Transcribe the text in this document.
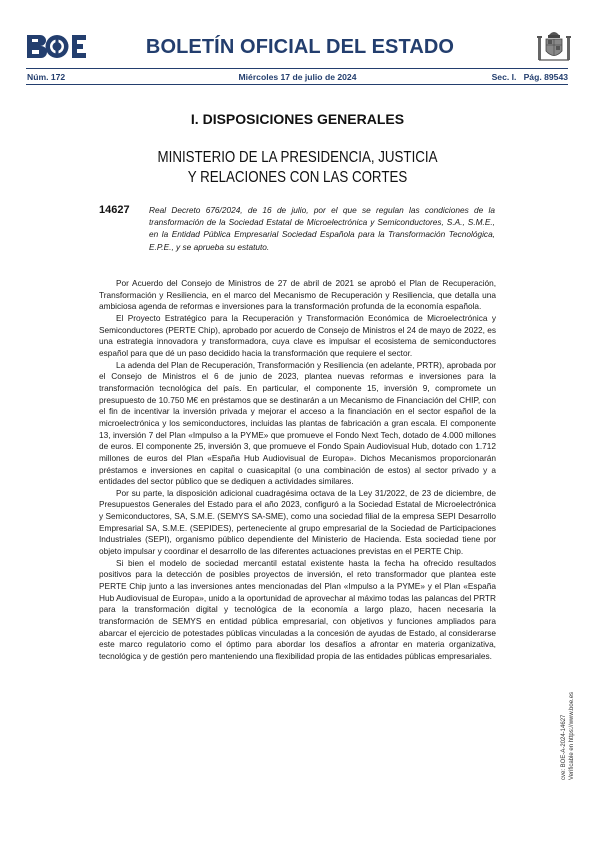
BOLETÍN OFICIAL DEL ESTADO
Núm. 172	Miércoles 17 de julio de 2024	Sec. I.   Pág. 89543
I. DISPOSICIONES GENERALES
MINISTERIO DE LA PRESIDENCIA, JUSTICIA
Y RELACIONES CON LAS CORTES
14627 Real Decreto 676/2024, de 16 de julio, por el que se regulan las condiciones de la transformación de la Sociedad Estatal de Microelectrónica y Semiconductores, S.A., S.M.E., en la Entidad Pública Empresarial Sociedad Española para la Transformación Tecnológica, E.P.E., y se aprueba su estatuto.

Por Acuerdo del Consejo de Ministros de 27 de abril de 2021 se aprobó el Plan de Recuperación, Transformación y Resiliencia, en el marco del Mecanismo de Recuperación y Resiliencia, que detalla una ambiciosa agenda de reformas e inversiones para la transformación profunda de la economía española.

El Proyecto Estratégico para la Recuperación y Transformación Económica de Microelectrónica y Semiconductores (PERTE Chip), aprobado por acuerdo de Consejo de Ministros el 24 de mayo de 2022, es una estrategia innovadora y transformadora, cuya clave es impulsar el ecosistema de semiconductores español para que dé un paso decidido hacia la transformación que requiere el sector.

La adenda del Plan de Recuperación, Transformación y Resiliencia (en adelante, PRTR), aprobada por el Consejo de Ministros el 6 de junio de 2023, plantea nuevas reformas e inversiones para la transformación tecnológica del país. En particular, el componente 15, inversión 9, compromete un presupuesto de 10.750 M€ en préstamos que se destinarán a un Mecanismo de Financiación del CHIP, con el fin de incentivar la inversión privada y mejorar el acceso a la financiación en el sector español de la microelectrónica y los semiconductores, incluidas las plantas de fabricación a gran escala. El componente 13, inversión 7 del Plan «Impulso a la PYME» que promueve el Fondo Next Tech, dotado de 4.000 millones de euros. El componente 25, inversión 3, que promueve el Fondo Spain Audiovisual Hub, dotado con 1.712 millones de euros del Plan «España Hub Audiovisual de Europa». Dichos Mecanismos proporcionarán préstamos e inversiones en capital o cuasicapital (o una combinación de estos) al sector privado y a entidades del sector público que se dediquen a actividades similares.

Por su parte, la disposición adicional cuadragésima octava de la Ley 31/2022, de 23 de diciembre, de Presupuestos Generales del Estado para el año 2023, configuró a la Sociedad Estatal de Microelectrónica y Semiconductores, SA, S.M.E. (SEMYS SA-SME), como una sociedad filial de la empresa SEPI Desarrollo Empresarial SA, S.M.E. (SEPIDES), perteneciente al grupo empresarial de la Sociedad de Participaciones Industriales (SEPI), organismo público dependiente del Ministerio de Hacienda. Esta sociedad tiene por objeto impulsar y coordinar el desarrollo de las diferentes actuaciones previstas en el PERTE Chip.

Si bien el modelo de sociedad mercantil estatal existente hasta la fecha ha ofrecido resultados positivos para la detección de posibles proyectos de inversión, el reto transformador que plantea este PERTE Chip junto a las inversiones antes mencionadas del Plan «Impulso a la PYME» y el Plan «España Hub Audiovisual de Europa», unido a la oportunidad de aprovechar al máximo todas las palancas del PRTR para la transformación digital y tecnológica de la economía a largo plazo, hacen necesaria la transformación de SEMYS en entidad pública empresarial, con objetivos y funciones ampliados para abarcar el ejercicio de potestades públicas vinculadas a la concesión de ayudas de Estado, al considerarse este marco regulatorio como el óptimo para abordar los desafíos a afrontar en materia organizativa, tecnológica y de gestión pero manteniendo una flexibilidad propia de las entidades públicas empresariales.

cve: BOE-A-2024-14627 Verificable en https://www.boe.es
